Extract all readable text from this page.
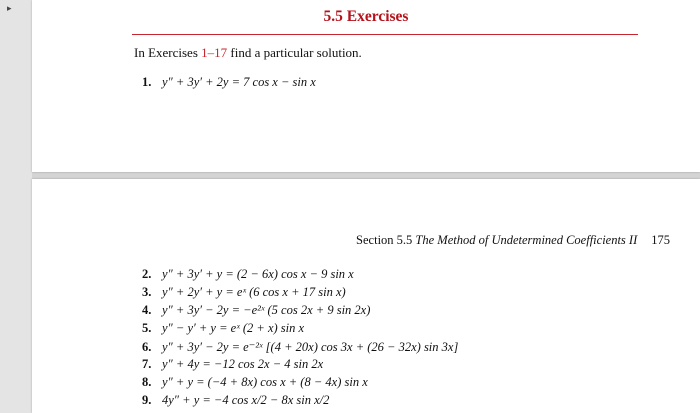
▸	5.5 Exercises
In Exercises 1–17 find a particular solution.
1. y″ + 3y′ + 2y = 7 cos x − sin x
Section 5.5 The Method of Undetermined Coefficients II 175
2. y″ + 3y′ + y = (2 − 6x) cos x − 9 sin x
3. y″ + 2y′ + y = eˣ (6 cos x + 17 sin x)
4. y″ + 3y′ − 2y = −e²ˣ (5 cos 2x + 9 sin 2x)
5. y″ − y′ + y = eˣ (2 + x) sin x
6. y″ + 3y′ − 2y = e⁻²ˣ [(4 + 20x) cos 3x + (26 − 32x) sin 3x]
7. y″ + 4y = −12 cos 2x − 4 sin 2x
8. y″ + y = (−4 + 8x) cos x + (8 − 4x) sin x
9. 4y″ + y = −4 cos x/2 − 8x sin x/2
